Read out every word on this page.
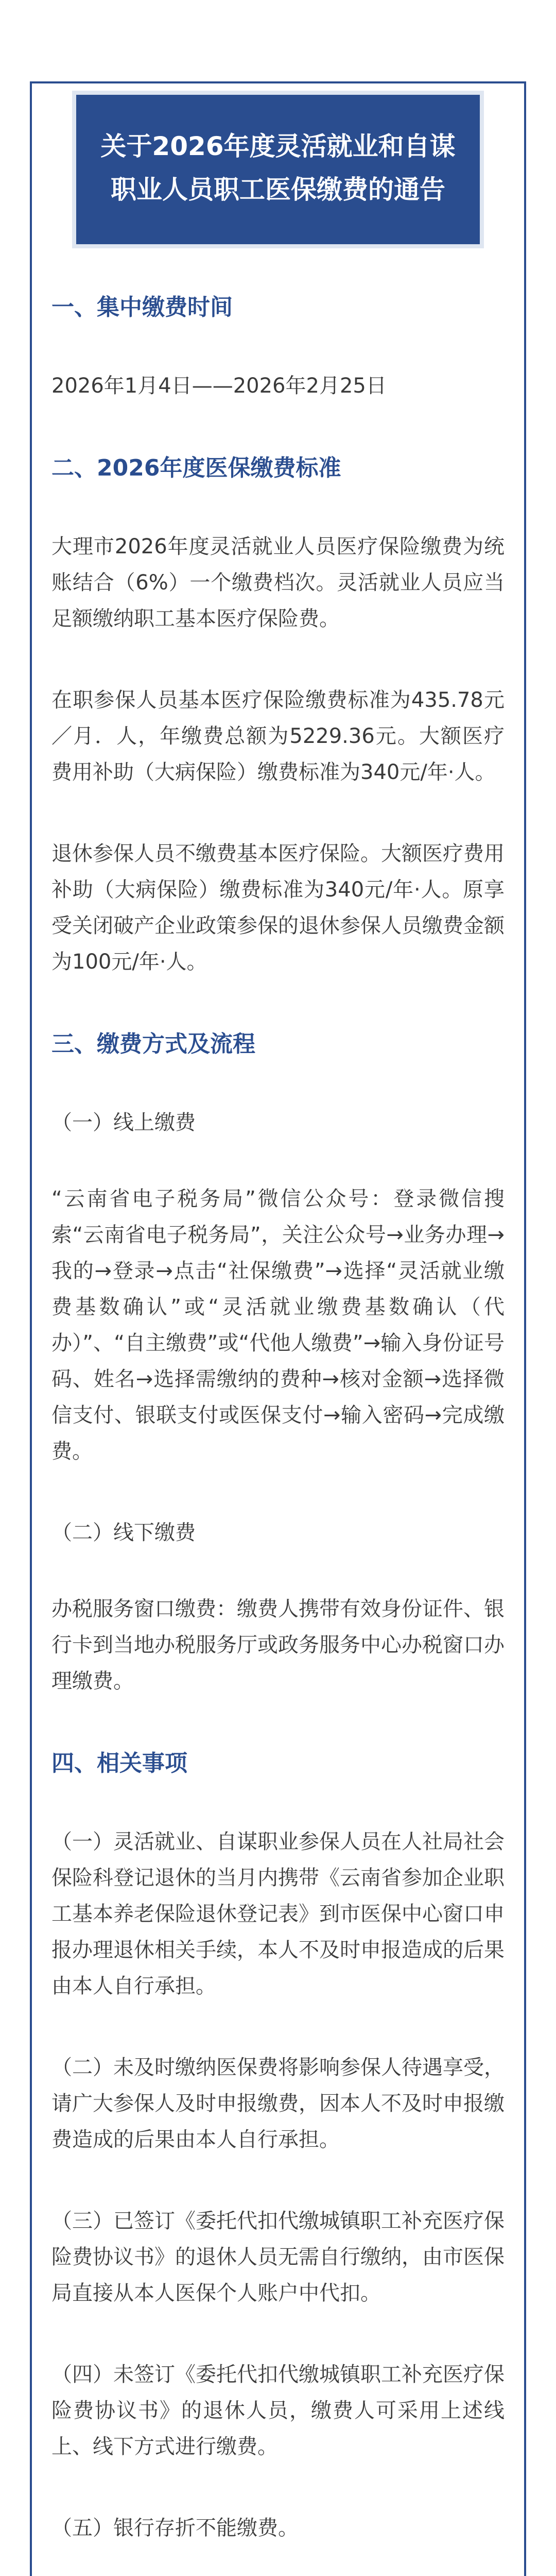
关于2026年度灵活就业和自谋职业人员职工医保缴费的通告
一、集中缴费时间
2026年1月4日——2026年2月25日
二、2026年度医保缴费标准
大理市2026年度灵活就业人员医疗保险缴费为统账结合（6%）一个缴费档次。灵活就业人员应当足额缴纳职工基本医疗保险费。
在职参保人员基本医疗保险缴费标准为435.78元／月．人，年缴费总额为5229.36元。大额医疗费用补助（大病保险）缴费标准为340元/年·人。
退休参保人员不缴费基本医疗保险。大额医疗费用补助（大病保险）缴费标准为340元/年·人。原享受关闭破产企业政策参保的退休参保人员缴费金额为100元/年·人。
三、缴费方式及流程
（一）线上缴费
“云南省电子税务局”微信公众号：登录微信搜索“云南省电子税务局”，关注公众号→业务办理→我的→登录→点击“社保缴费”→选择“灵活就业缴费基数确认”或“灵活就业缴费基数确认（代办）”、“自主缴费”或“代他人缴费”→输入身份证号码、姓名→选择需缴纳的费种→核对金额→选择微信支付、银联支付或医保支付→输入密码→完成缴费。
（二）线下缴费
办税服务窗口缴费：缴费人携带有效身份证件、银行卡到当地办税服务厅或政务服务中心办税窗口办理缴费。
四、相关事项
（一）灵活就业、自谋职业参保人员在人社局社会保险科登记退休的当月内携带《云南省参加企业职工基本养老保险退休登记表》到市医保中心窗口申报办理退休相关手续，本人不及时申报造成的后果由本人自行承担。
（二）未及时缴纳医保费将影响参保人待遇享受，请广大参保人及时申报缴费，因本人不及时申报缴费造成的后果由本人自行承担。
（三）已签订《委托代扣代缴城镇职工补充医疗保险费协议书》的退休人员无需自行缴纳，由市医保局直接从本人医保个人账户中代扣。
（四）未签订《委托代扣代缴城镇职工补充医疗保险费协议书》的退休人员，缴费人可采用上述线上、线下方式进行缴费。
（五）银行存折不能缴费。
